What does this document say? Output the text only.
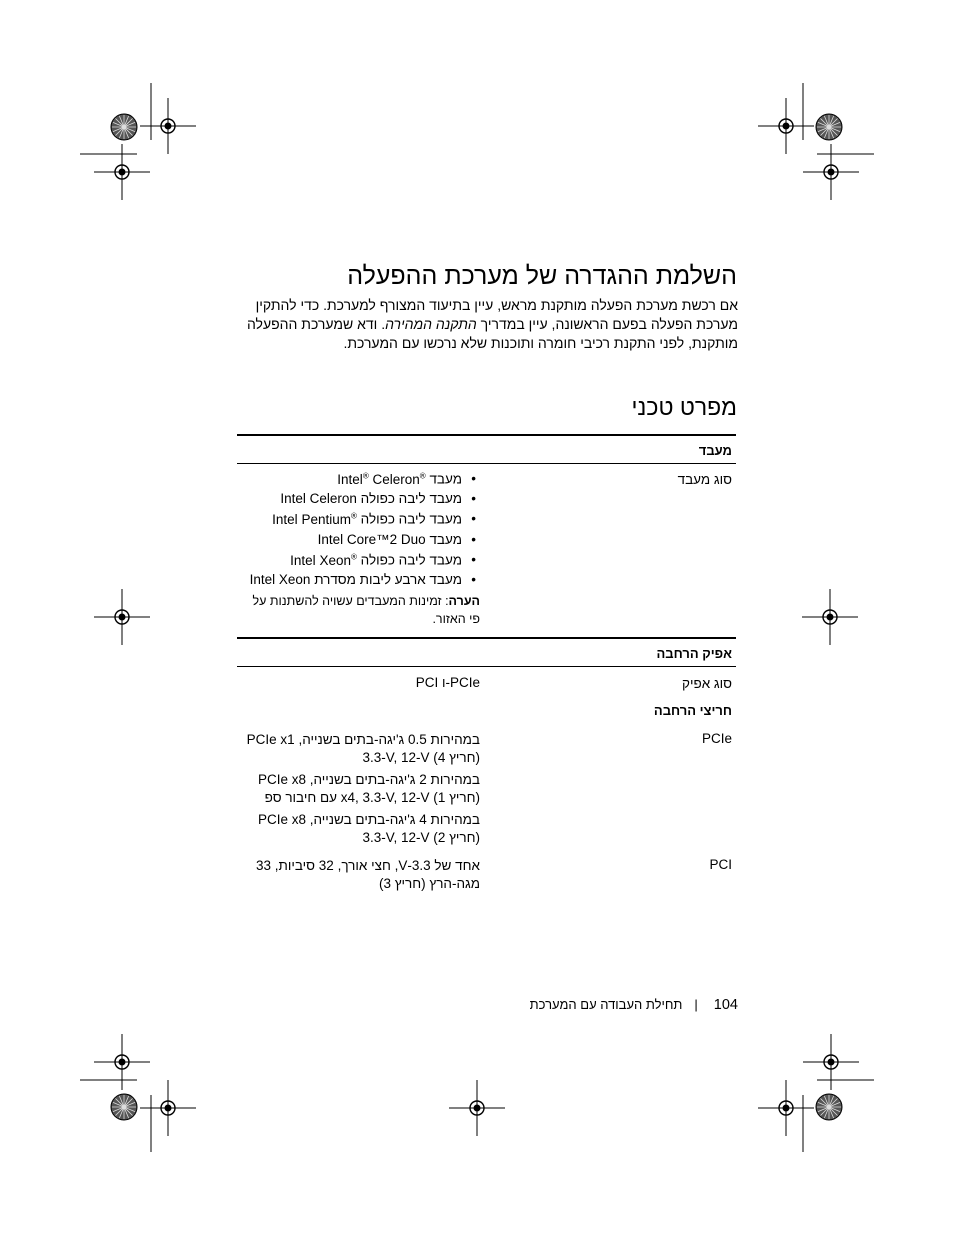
השלמת ההגדרה של מערכת ההפעלה

אם רכשת מערכת הפעלה מותקנת מראש, עיין בתיעוד המצורף למערכת. כדי להתקין מערכת הפעלה בפעם הראשונה, עיין במדריך התקנה המהירה. ודא שמערכת ההפעלה מותקנת, לפני התקנת רכיבי חומרה ותוכנות שלא נרכשו עם המערכת.

מפרט טכני
מעבד
סוג מעבד
• מעבד Intel® Celeron®
• מעבד ליבה כפולה Intel Celeron
• מעבד ליבה כפולה Intel Pentium®
• מעבד Intel Core™2 Duo
• מעבד ליבה כפולה Intel Xeon®
• מעבד ארבע ליבות מסדרת Intel Xeon
הערה: זמינות המעבדים עשויה להשתנות על פי האזור.
אפיק הרחבה
סוג אפיק
PCI ו-PCIe
חריצי הרחבה
PCIe
PCIe x1 במהירות 0.5 ג'יגה-בתים בשנייה, 3.3-V, 12-V (חריץ 4)
PCIe x8 במהירות 2 ג'יגה-בתים בשנייה, עם חיבור ספ x4, 3.3-V, 12-V (חריץ 1)
PCIe x8 במהירות 4 ג'יגה-בתים בשנייה, 3.3-V, 12-V (חריץ 2)
PCI
אחד של 3.3-V, חצי אורך, 32 סיביות, 33 מגה-הרץ (חריץ 3)
104|תחילת העבודה עם המערכת
